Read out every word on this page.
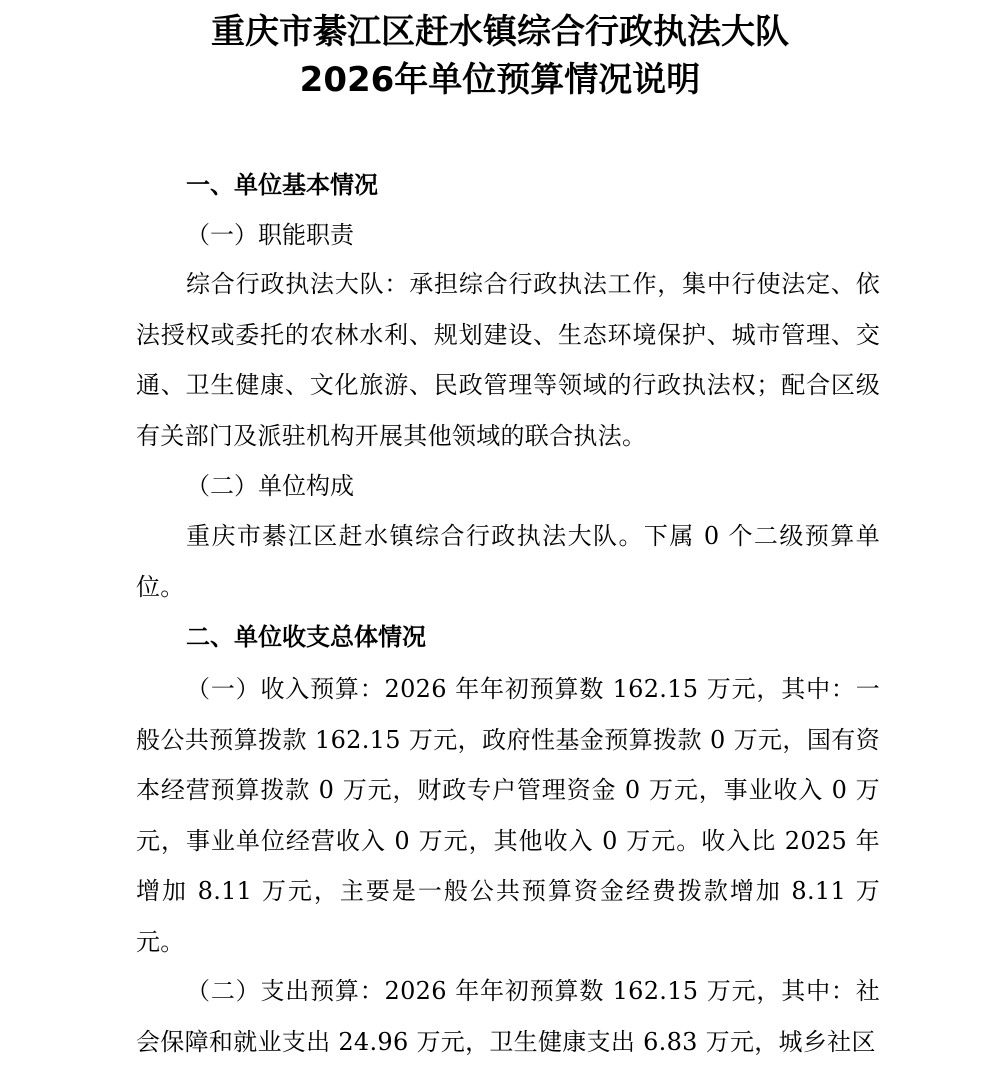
重庆市綦江区赶水镇综合行政执法大队
2026年单位预算情况说明
一、单位基本情况
（一）职能职责
综合行政执法大队：承担综合行政执法工作，集中行使法定、依法授权或委托的农林水利、规划建设、生态环境保护、城市管理、交通、卫生健康、文化旅游、民政管理等领域的行政执法权；配合区级有关部门及派驻机构开展其他领域的联合执法。
（二）单位构成
重庆市綦江区赶水镇综合行政执法大队。下属 0 个二级预算单位。
二、单位收支总体情况
（一）收入预算：2026 年年初预算数 162.15 万元，其中：一般公共预算拨款 162.15 万元，政府性基金预算拨款 0 万元，国有资本经营预算拨款 0 万元，财政专户管理资金 0 万元，事业收入 0 万元，事业单位经营收入 0 万元，其他收入 0 万元。收入比 2025 年增加 8.11 万元，主要是一般公共预算资金经费拨款增加 8.11 万元。
（二）支出预算：2026 年年初预算数 162.15 万元，其中：社会保障和就业支出 24.96 万元，卫生健康支出 6.83 万元，城乡社区
